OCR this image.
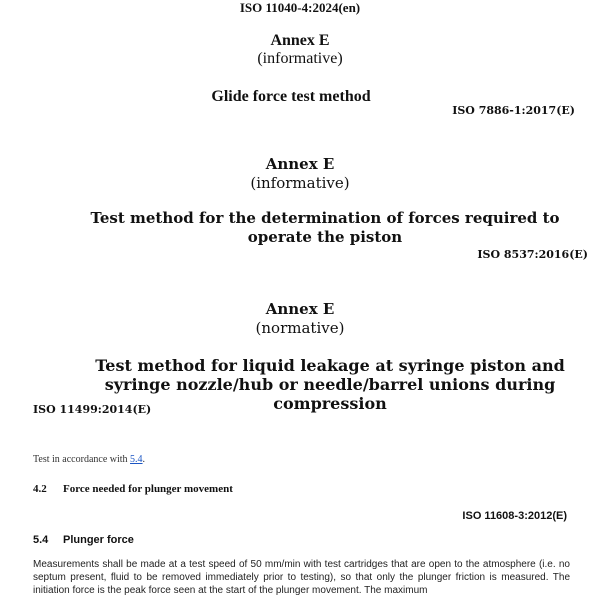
ISO 11040-4:2024(en)
Annex E
(informative)
Glide force test method
ISO 7886-1:2017(E)
Annex E
(informative)
Test method for the determination of forces required to operate the piston
ISO 8537:2016(E)
Annex E
(normative)
Test method for liquid leakage at syringe piston and syringe nozzle/hub or needle/barrel unions during compression
ISO 11499:2014(E)
Test in accordance with 5.4.
4.2 Force needed for plunger movement
ISO 11608-3:2012(E)
5.4 Plunger force
Measurements shall be made at a test speed of 50 mm/min with test cartridges that are open to the atmosphere (i.e. no septum present, fluid to be removed immediately prior to testing), so that only the plunger friction is measured. The initiation force is the peak force seen at the start of the plunger movement. The maximum
